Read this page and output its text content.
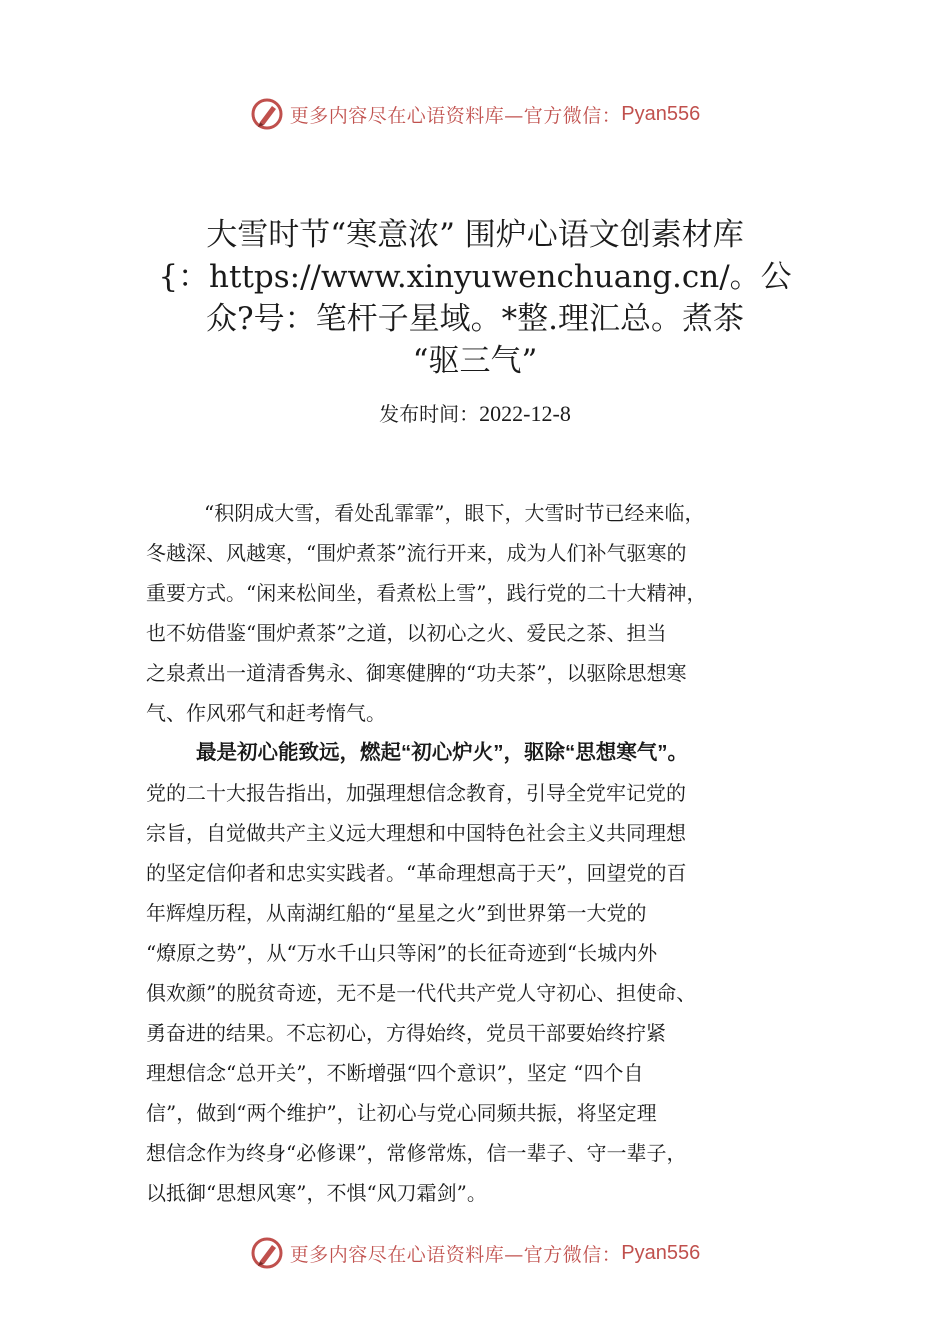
更多内容尽在心语资料库—官方微信： Pyan556
大雪时节“寒意浓” 围炉心语文创素材库
{：https://www.xinyuwenchuang.cn/。公
众?号：笔杆子星域。*整.理汇总。煮茶
“驱三气”
发布时间：2022-12-8
“积阴成大雪，看处乱霏霏”，眼下，大雪时节已经来临，
冬越深、风越寒，“围炉煮茶”流行开来，成为人们补气驱寒的
重要方式。“闲来松间坐，看煮松上雪”，践行党的二十大精神，
也不妨借鉴“围炉煮茶”之道，以初心之火、爱民之茶、担当
之泉煮出一道清香隽永、御寒健脾的“功夫茶”，以驱除思想寒
气、作风邪气和赶考惰气。
最是初心能致远，燃起“初心炉火”，驱除“思想寒气”。
党的二十大报告指出，加强理想信念教育，引导全党牢记党的
宗旨，自觉做共产主义远大理想和中国特色社会主义共同理想
的坚定信仰者和忠实实践者。“革命理想高于天”，回望党的百
年辉煌历程，从南湖红船的“星星之火”到世界第一大党的
“燎原之势”，从“万水千山只等闲”的长征奇迹到“长城内外
俱欢颜”的脱贫奇迹，无不是一代代共产党人守初心、担使命、
勇奋进的结果。不忘初心，方得始终，党员干部要始终拧紧
理想信念“总开关”，不断增强“四个意识”，坚定 “四个自
信”，做到“两个维护”，让初心与党心同频共振，将坚定理
想信念作为终身“必修课”，常修常炼，信一辈子、守一辈子，
以抵御“思想风寒”，不惧“风刀霜剑”。
更多内容尽在心语资料库—官方微信： Pyan556
